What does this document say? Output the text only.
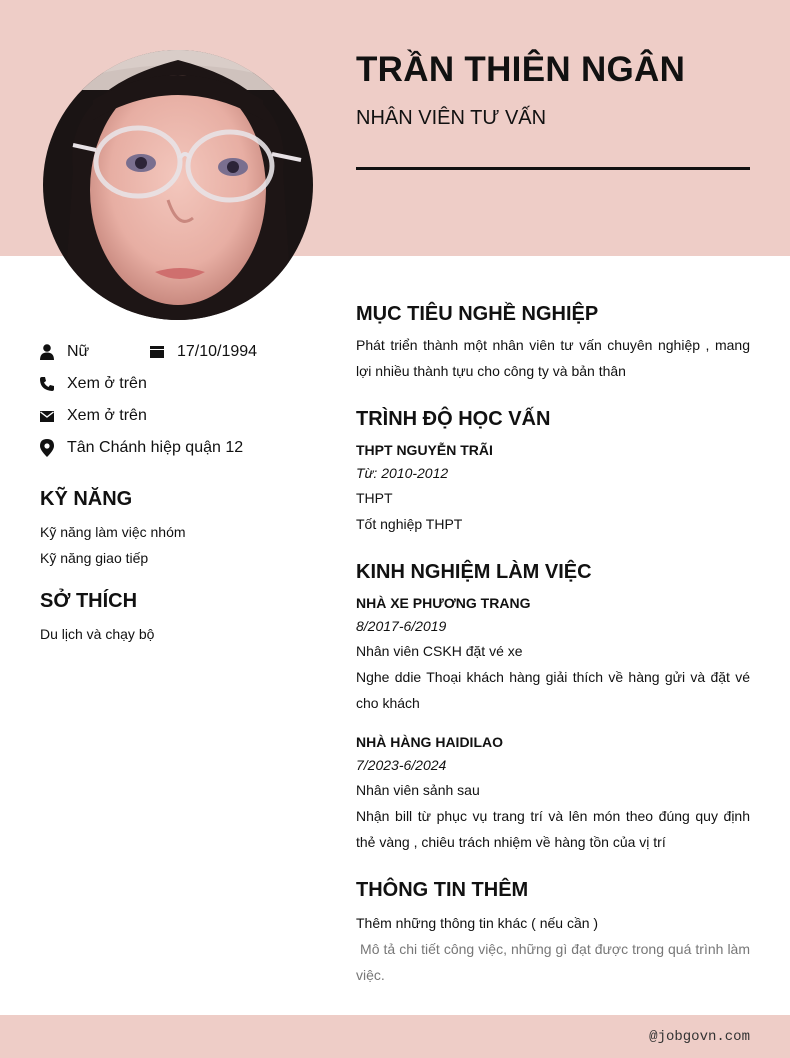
TRẦN THIÊN NGÂN
NHÂN VIÊN TƯ VẤN
Nữ	17/10/1994
Xem ở trên
Xem ở trên
Tân Chánh hiệp quận 12
KỸ NĂNG
Kỹ năng làm việc nhóm
Kỹ năng giao tiếp
SỞ THÍCH
Du lịch và chạy bộ
MỤC TIÊU NGHỀ NGHIỆP
Phát triển thành một nhân viên tư vấn chuyên nghiệp , mang lợi nhiều thành tựu cho công ty và bản thân
TRÌNH ĐỘ HỌC VẤN
THPT NGUYỄN TRÃI
Từ: 2010-2012
THPT
Tốt nghiệp THPT
KINH NGHIỆM LÀM VIỆC
NHÀ XE PHƯƠNG TRANG
8/2017-6/2019
Nhân viên CSKH đặt vé xe
Nghe ddie Thoại khách hàng giải thích về hàng gửi và đặt vé cho khách
NHÀ HÀNG HAIDILAO
7/2023-6/2024
Nhân viên sảnh sau
Nhận bill từ phục vụ trang trí và lên món theo đúng quy định thẻ vàng , chiêu trách nhiệm về hàng tồn của vị trí
THÔNG TIN THÊM
Thêm những thông tin khác ( nếu cần )
Mô tả chi tiết công việc, những gì đạt được trong quá trình làm việc.
@jobgovn.com
